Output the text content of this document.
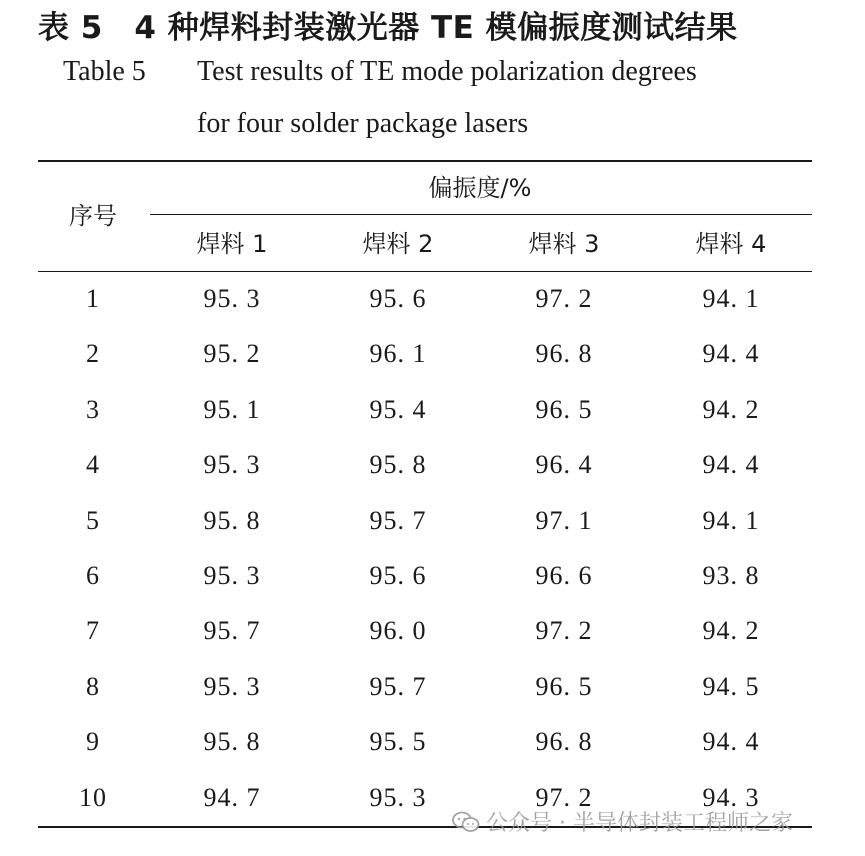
表 5　4 种焊料封装激光器 TE 模偏振度测试结果
Table 5 Test results of TE mode polarization degrees
for four solder package lasers
序号
偏振度/%
焊料 1	焊料 2	焊料 3	焊料 4
1	95. 3	95. 6	97. 2	94. 1
2	95. 2	96. 1	96. 8	94. 4
3	95. 1	95. 4	96. 5	94. 2
4	95. 3	95. 8	96. 4	94. 4
5	95. 8	95. 7	97. 1	94. 1
6	95. 3	95. 6	96. 6	93. 8
7	95. 7	96. 0	97. 2	94. 2
8	95. 3	95. 7	96. 5	94. 5
9	95. 8	95. 5	96. 8	94. 4
10	94. 7	95. 3	97. 2	94. 3
公众号 · 半导体封装工程师之家
